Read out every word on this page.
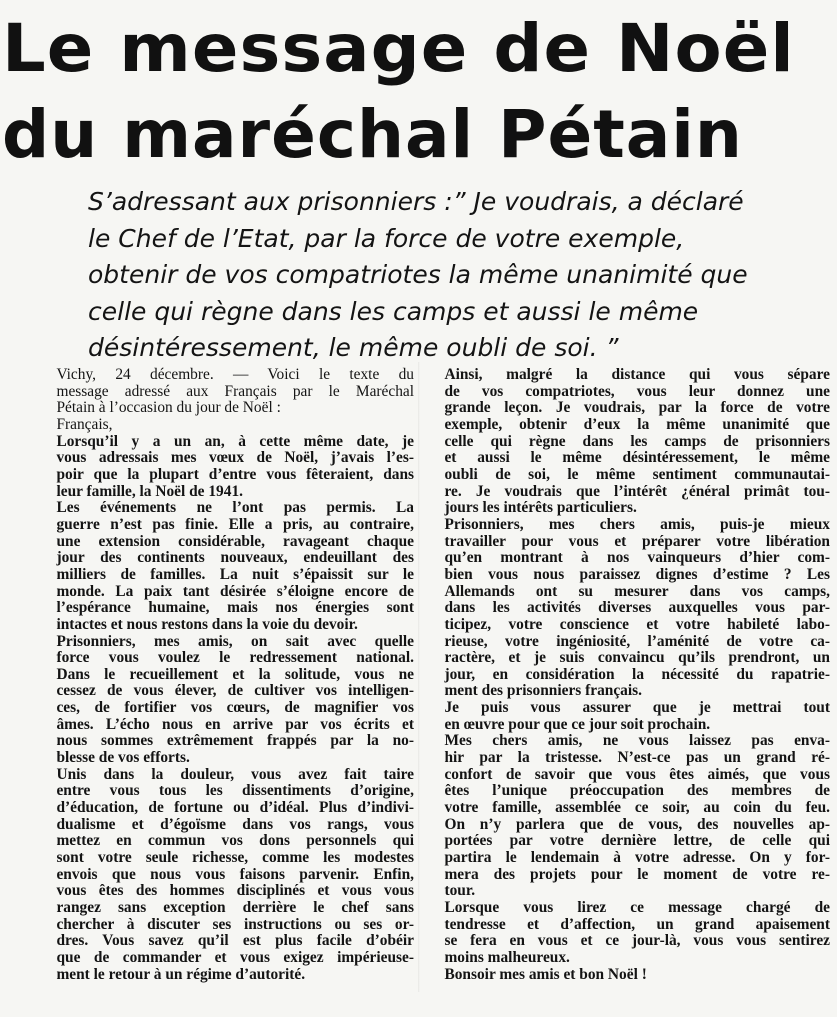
Le message de Noël
du maréchal Pétain
S’adressant aux prisonniers :” Je voudrais, a déclaré
le Chef de l’Etat, par la force de votre exemple,
obtenir de vos compatriotes la même unanimité que
celle qui règne dans les camps et aussi le même
désintéressement, le même oubli de soi. ”

Vichy, 24 décembre. — Voici le texte du
message adressé aux Français par le Maréchal
Pétain à l’occasion du jour de Noël :

Français,

Lorsqu’il y a un an, à cette même date, je
vous adressais mes vœux de Noël, j’avais l’es-
poir que la plupart d’entre vous fêteraient, dans
leur famille, la Noël de 1941.

Les événements ne l’ont pas permis. La
guerre n’est pas finie. Elle a pris, au contraire,
une extension considérable, ravageant chaque
jour des continents nouveaux, endeuillant des
milliers de familles. La nuit s’épaissit sur le
monde. La paix tant désirée s’éloigne encore de
l’espérance humaine, mais nos énergies sont
intactes et nous restons dans la voie du devoir.

Prisonniers, mes amis, on sait avec quelle
force vous voulez le redressement national.
Dans le recueillement et la solitude, vous ne
cessez de vous élever, de cultiver vos intelligen-
ces, de fortifier vos cœurs, de magnifier vos
âmes. L’écho nous en arrive par vos écrits et
nous sommes extrêmement frappés par la no-
blesse de vos efforts.

Unis dans la douleur, vous avez fait taire
entre vous tous les dissentiments d’origine,
d’éducation, de fortune ou d’idéal. Plus d’indivi-
dualisme et d’égoïsme dans vos rangs, vous
mettez en commun vos dons personnels qui
sont votre seule richesse, comme les modestes
envois que nous vous faisons parvenir. Enfin,
vous êtes des hommes disciplinés et vous vous
rangez sans exception derrière le chef sans
chercher à discuter ses instructions ou ses or-
dres. Vous savez qu’il est plus facile d’obéir
que de commander et vous exigez impérieuse-
ment le retour à un régime d’autorité.

Ainsi, malgré la distance qui vous sépare
de vos compatriotes, vous leur donnez une
grande leçon. Je voudrais, par la force de votre
exemple, obtenir d’eux la même unanimité que
celle qui règne dans les camps de prisonniers
et aussi le même désintéressement, le même
oubli de soi, le même sentiment communautai-
re. Je voudrais que l’intérêt ¿énéral primât tou-
jours les intérêts particuliers.

Prisonniers, mes chers amis, puis-je mieux
travailler pour vous et préparer votre libération
qu’en montrant à nos vainqueurs d’hier com-
bien vous nous paraissez dignes d’estime ? Les
Allemands ont su mesurer dans vos camps,
dans les activités diverses auxquelles vous par-
ticipez, votre conscience et votre habileté labo-
rieuse, votre ingéniosité, l’aménité de votre ca-
ractère, et je suis convaincu qu’ils prendront, un
jour, en considération la nécessité du rapatrie-
ment des prisonniers français.

Je puis vous assurer que je mettrai tout
en œuvre pour que ce jour soit prochain.

Mes chers amis, ne vous laissez pas enva-
hir par la tristesse. N’est-ce pas un grand ré-
confort de savoir que vous êtes aimés, que vous
êtes l’unique préoccupation des membres de
votre famille, assemblée ce soir, au coin du feu.
On n’y parlera que de vous, des nouvelles ap-
portées par votre dernière lettre, de celle qui
partira le lendemain à votre adresse. On y for-
mera des projets pour le moment de votre re-
tour.

Lorsque vous lirez ce message chargé de
tendresse et d’affection, un grand apaisement
se fera en vous et ce jour-là, vous vous sentirez
moins malheureux.

Bonsoir mes amis et bon Noël !
